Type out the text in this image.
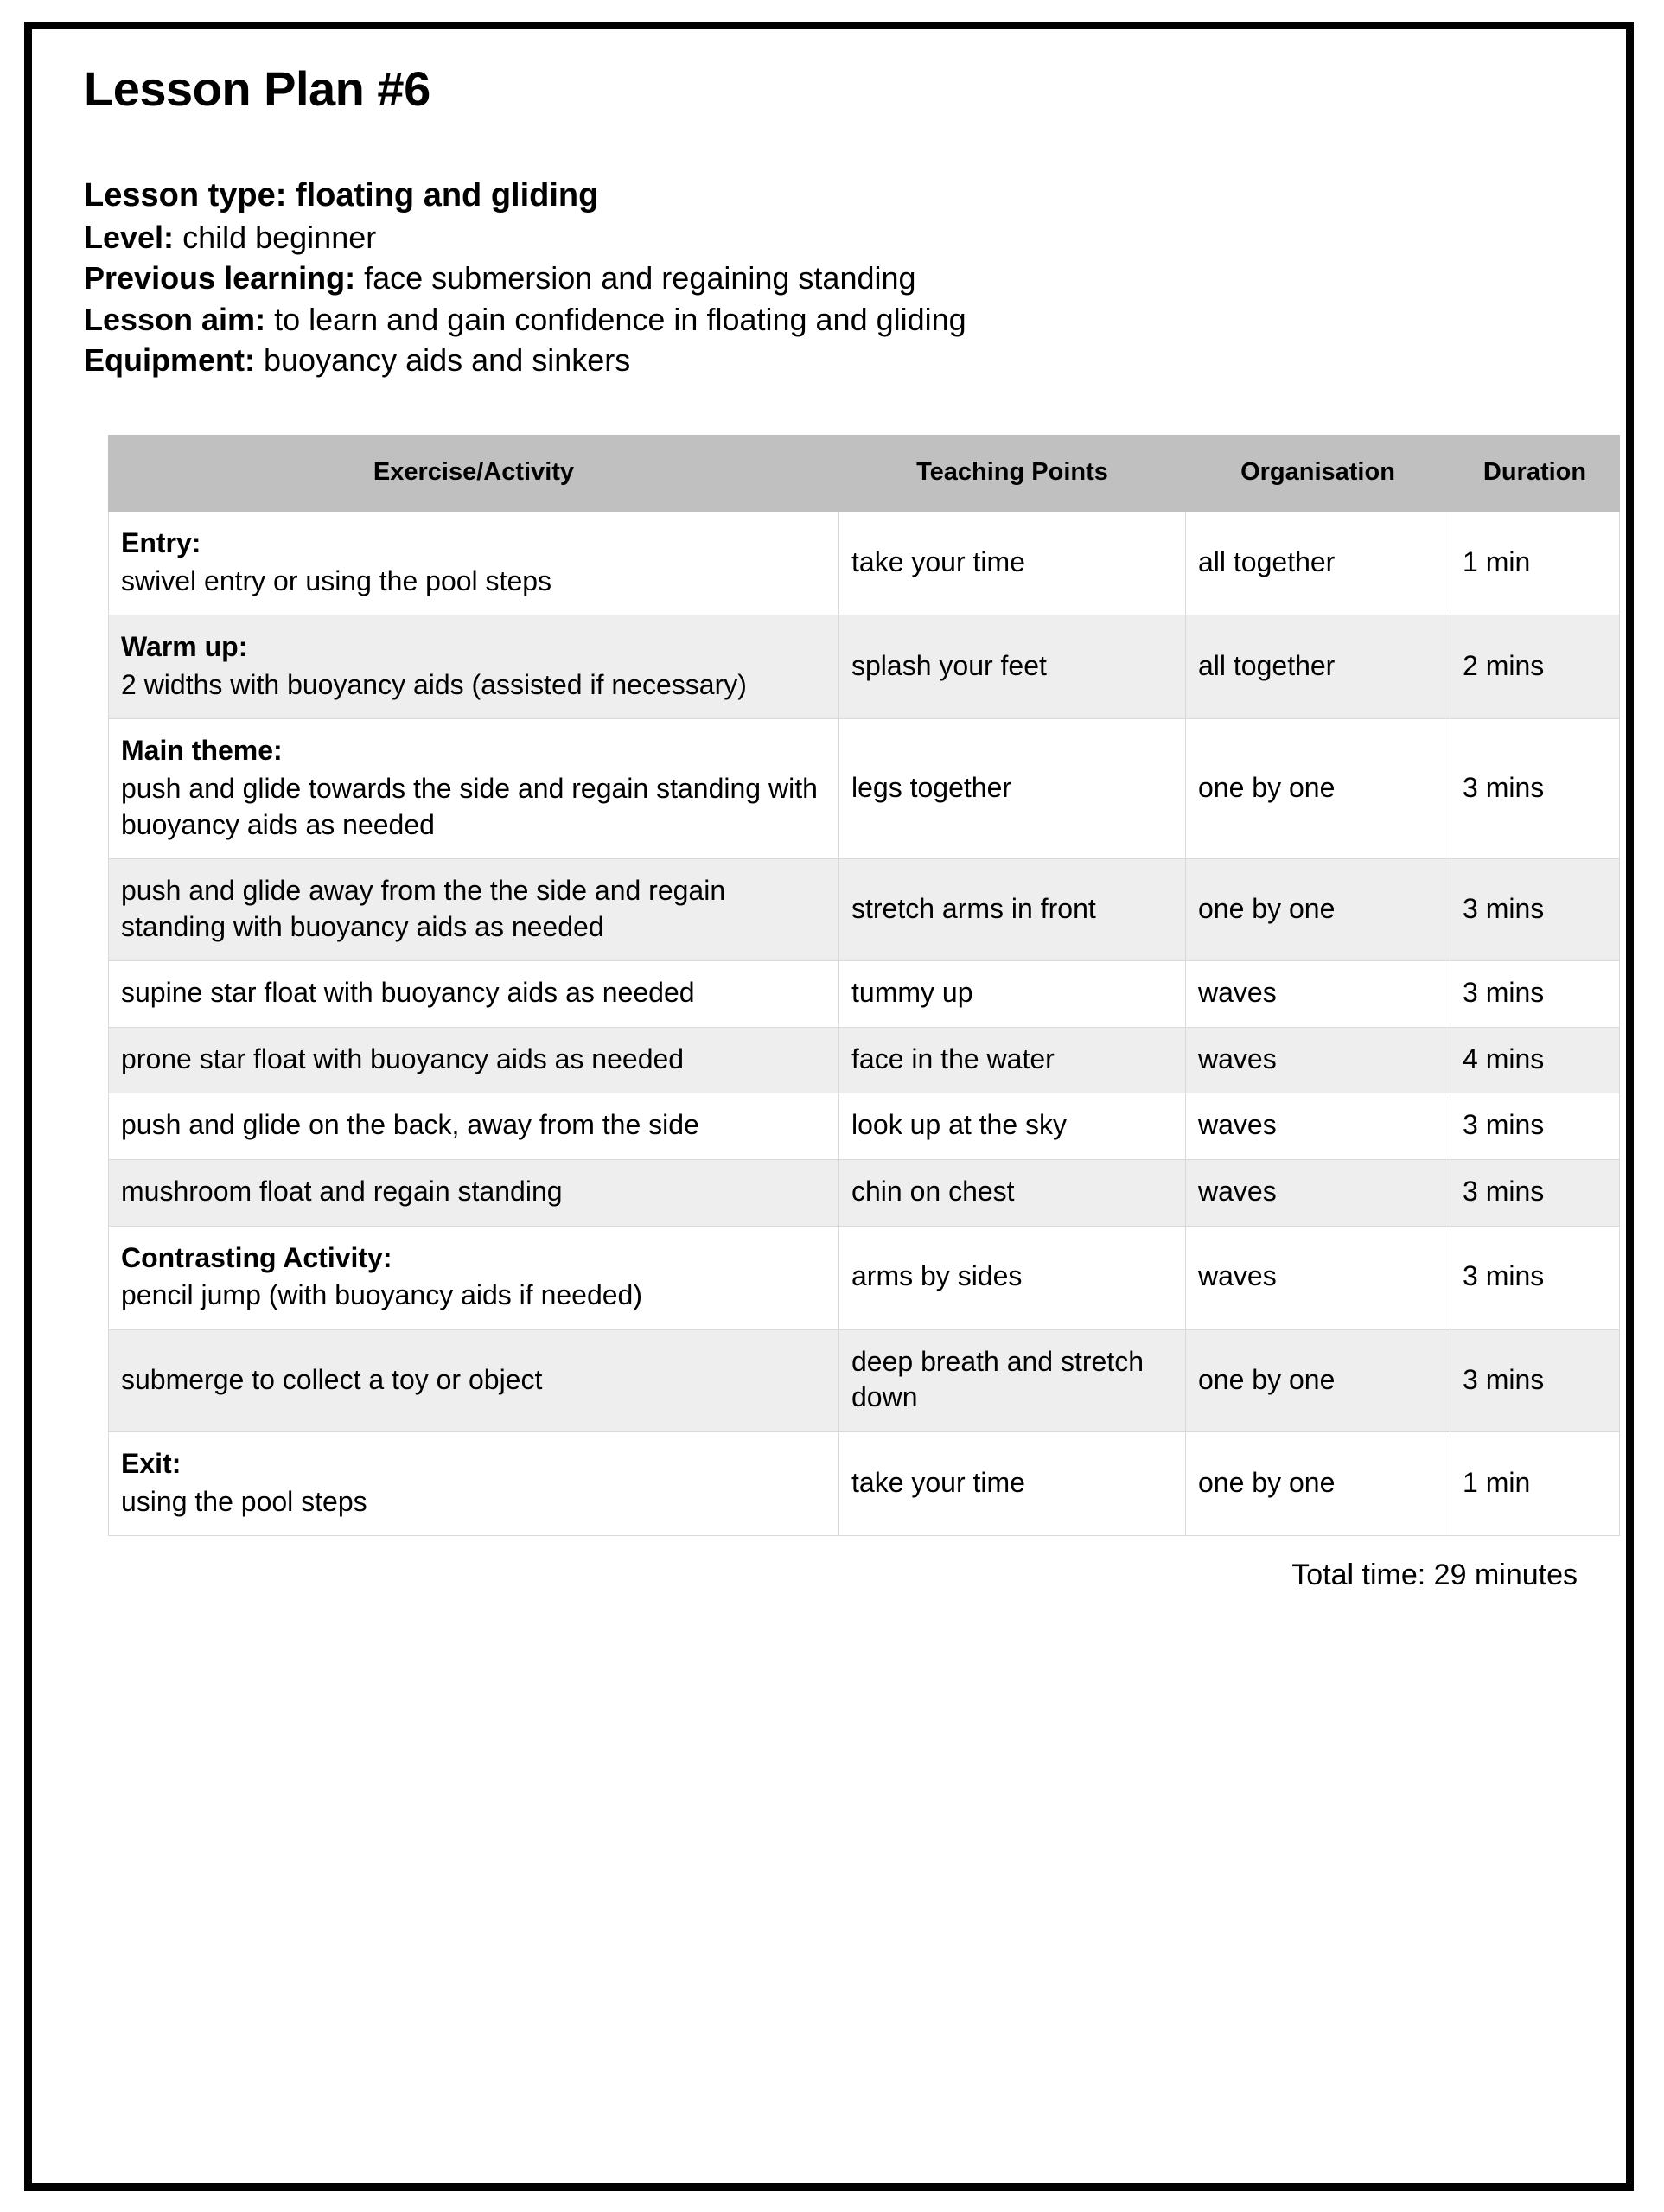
Lesson Plan #6
Lesson type: floating and gliding
Level: child beginner
Previous learning: face submersion and regaining standing
Lesson aim: to learn and gain confidence in floating and gliding
Equipment: buoyancy aids and sinkers
Exercise/Activity	Teaching Points	Organisation	Duration

Entry:
swivel entry or using the pool steps	take your time	all together	1 min

Warm up:
2 widths with buoyancy aids (assisted if necessary)	splash your feet	all together	2 mins

Main theme:
push and glide towards the side and regain standing with buoyancy aids as needed	legs together	one by one	3 mins

push and glide away from the the side and regain standing with buoyancy aids as needed	stretch arms in front	one by one	3 mins

supine star float with buoyancy aids as needed	tummy up	waves	3 mins

prone star float with buoyancy aids as needed	face in the water	waves	4 mins

push and glide on the back, away from the side	look up at the sky	waves	3 mins

mushroom float and regain standing	chin on chest	waves	3 mins

Contrasting Activity:
pencil jump (with buoyancy aids if needed)	arms by sides	waves	3 mins

submerge to collect a toy or object	deep breath and stretch down	one by one	3 mins

Exit:
using the pool steps	take your time	one by one	1 min
Total time: 29 minutes
